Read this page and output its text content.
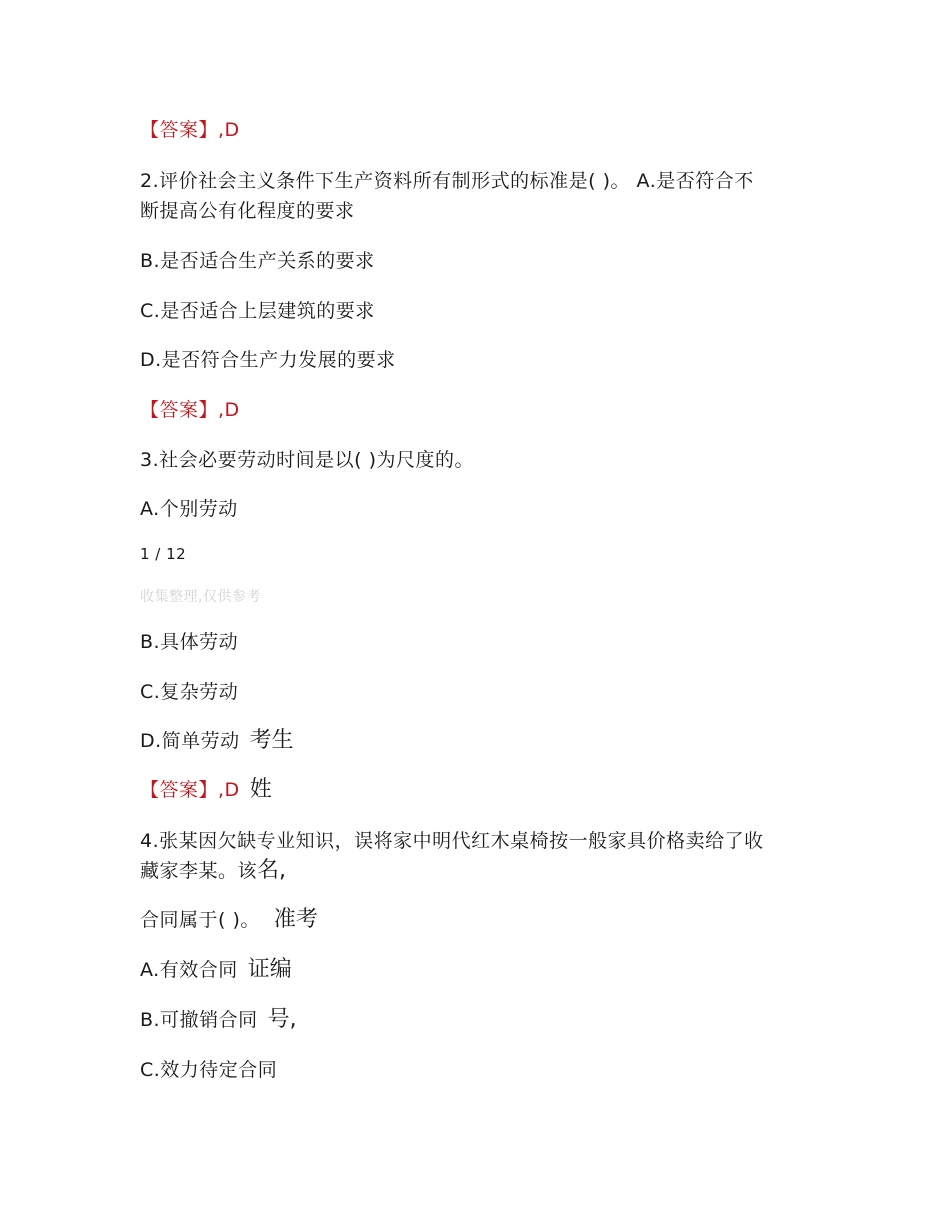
【答案】,D
2.评价社会主义条件下生产资料所有制形式的标准是( )。 A.是否符合不
断提高公有化程度的要求
B.是否适合生产关系的要求
C.是否适合上层建筑的要求
D.是否符合生产力发展的要求
【答案】,D
3.社会必要劳动时间是以( )为尺度的。
A.个别劳动
1 / 12
收集整理,仅供参考
B.具体劳动
C.复杂劳动
D.简单劳动 考生
【答案】,D 姓
4.张某因欠缺专业知识，误将家中明代红木桌椅按一般家具价格卖给了收
藏家李某。该名,
合同属于( )。 准考
A.有效合同 证编
B.可撤销合同 号,
C.效力待定合同
